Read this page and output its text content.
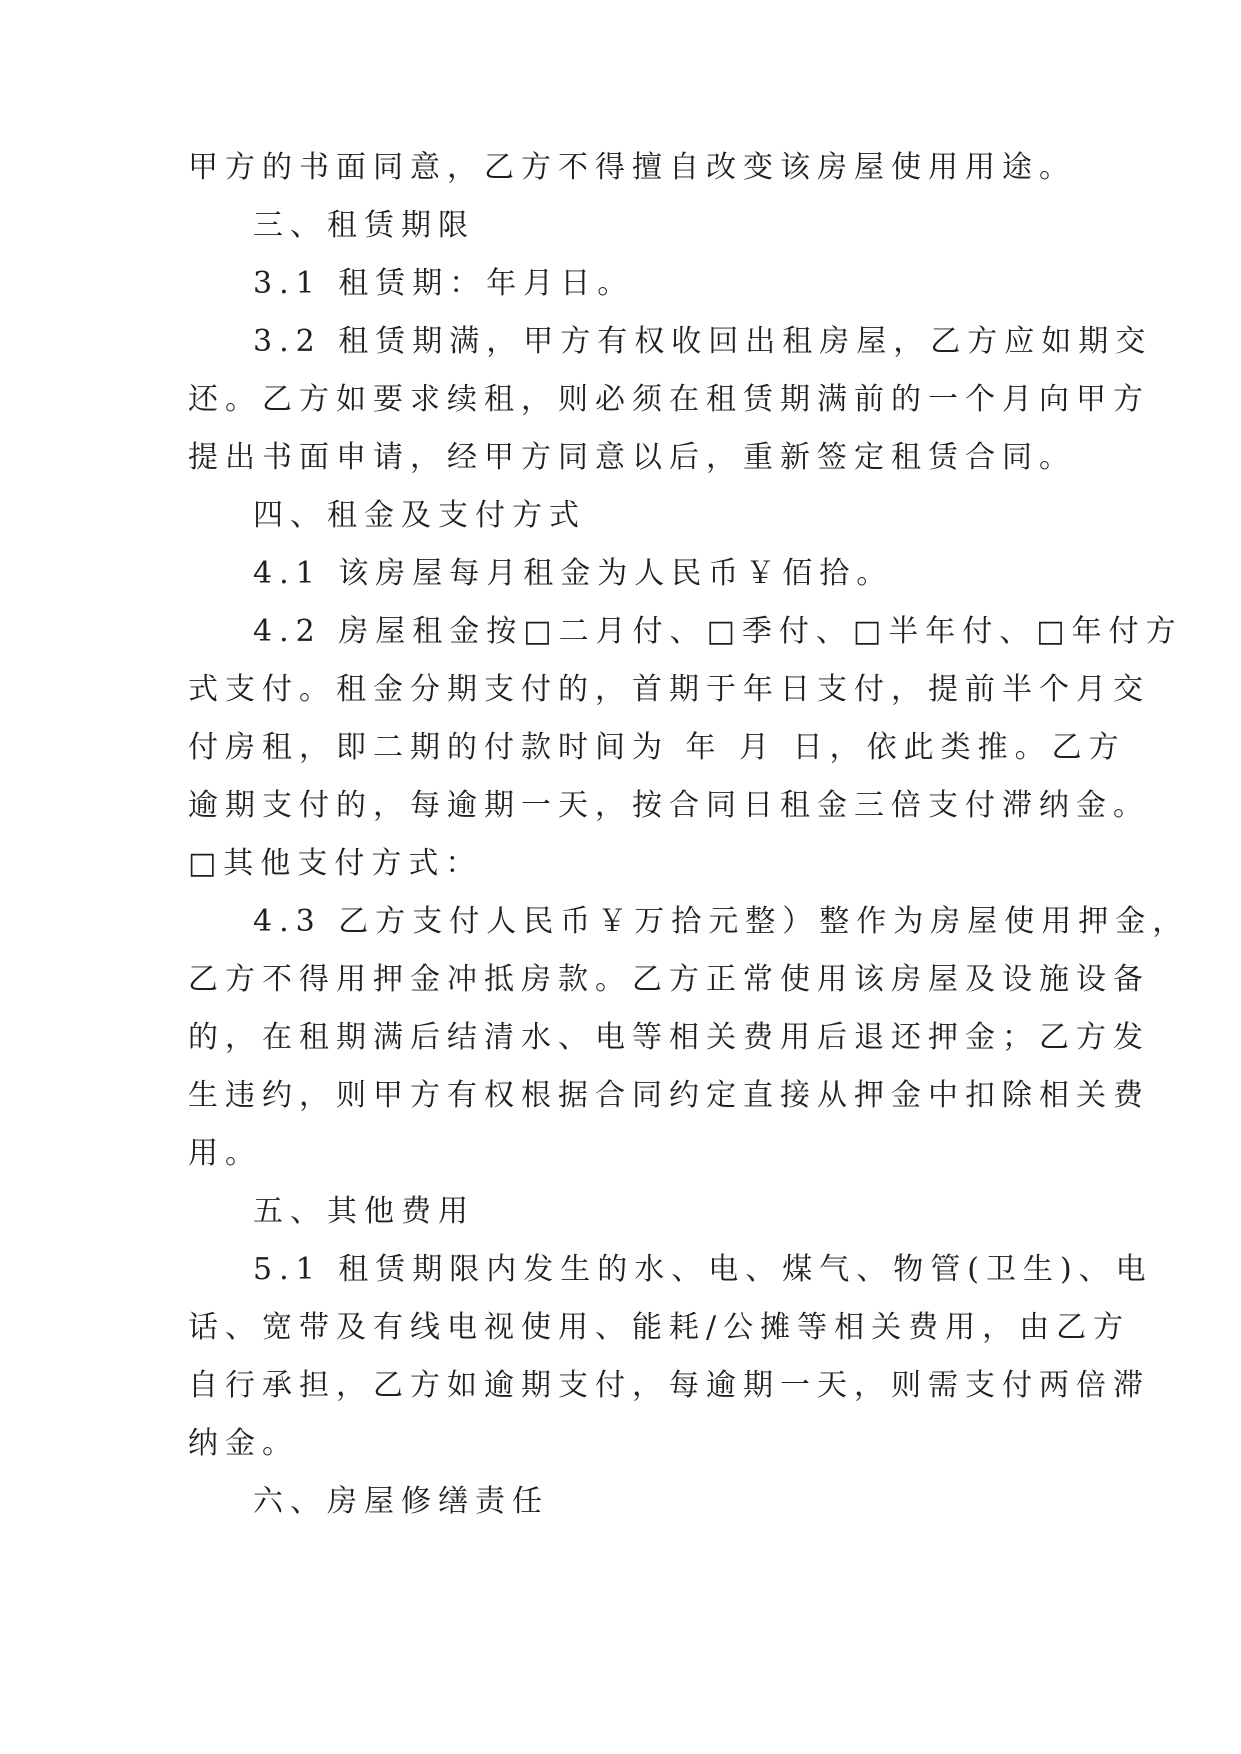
甲方的书面同意，乙方不得擅自改变该房屋使用用途。

三、租赁期限

3.1 租赁期：年月日。

3.2 租赁期满，甲方有权收回出租房屋，乙方应如期交

还。乙方如要求续租，则必须在租赁期满前的一个月向甲方

提出书面申请，经甲方同意以后，重新签定租赁合同。

四、租金及支付方式

4.1 该房屋每月租金为人民币￥佰拾。

4.2 房屋租金按□二月付、□季付、□半年付、□年付方

式支付。租金分期支付的，首期于年日支付，提前半个月交

付房租，即二期的付款时间为 年 月 日，依此类推。乙方

逾期支付的，每逾期一天，按合同日租金三倍支付滞纳金。

□其他支付方式：

4.3 乙方支付人民币￥万拾元整）整作为房屋使用押金，

乙方不得用押金冲抵房款。乙方正常使用该房屋及设施设备

的，在租期满后结清水、电等相关费用后退还押金；乙方发

生违约，则甲方有权根据合同约定直接从押金中扣除相关费

用。

五、其他费用

5.1 租赁期限内发生的水、电、煤气、物管(卫生)、电

话、宽带及有线电视使用、能耗/公摊等相关费用，由乙方

自行承担，乙方如逾期支付，每逾期一天，则需支付两倍滞

纳金。

六、房屋修缮责任
